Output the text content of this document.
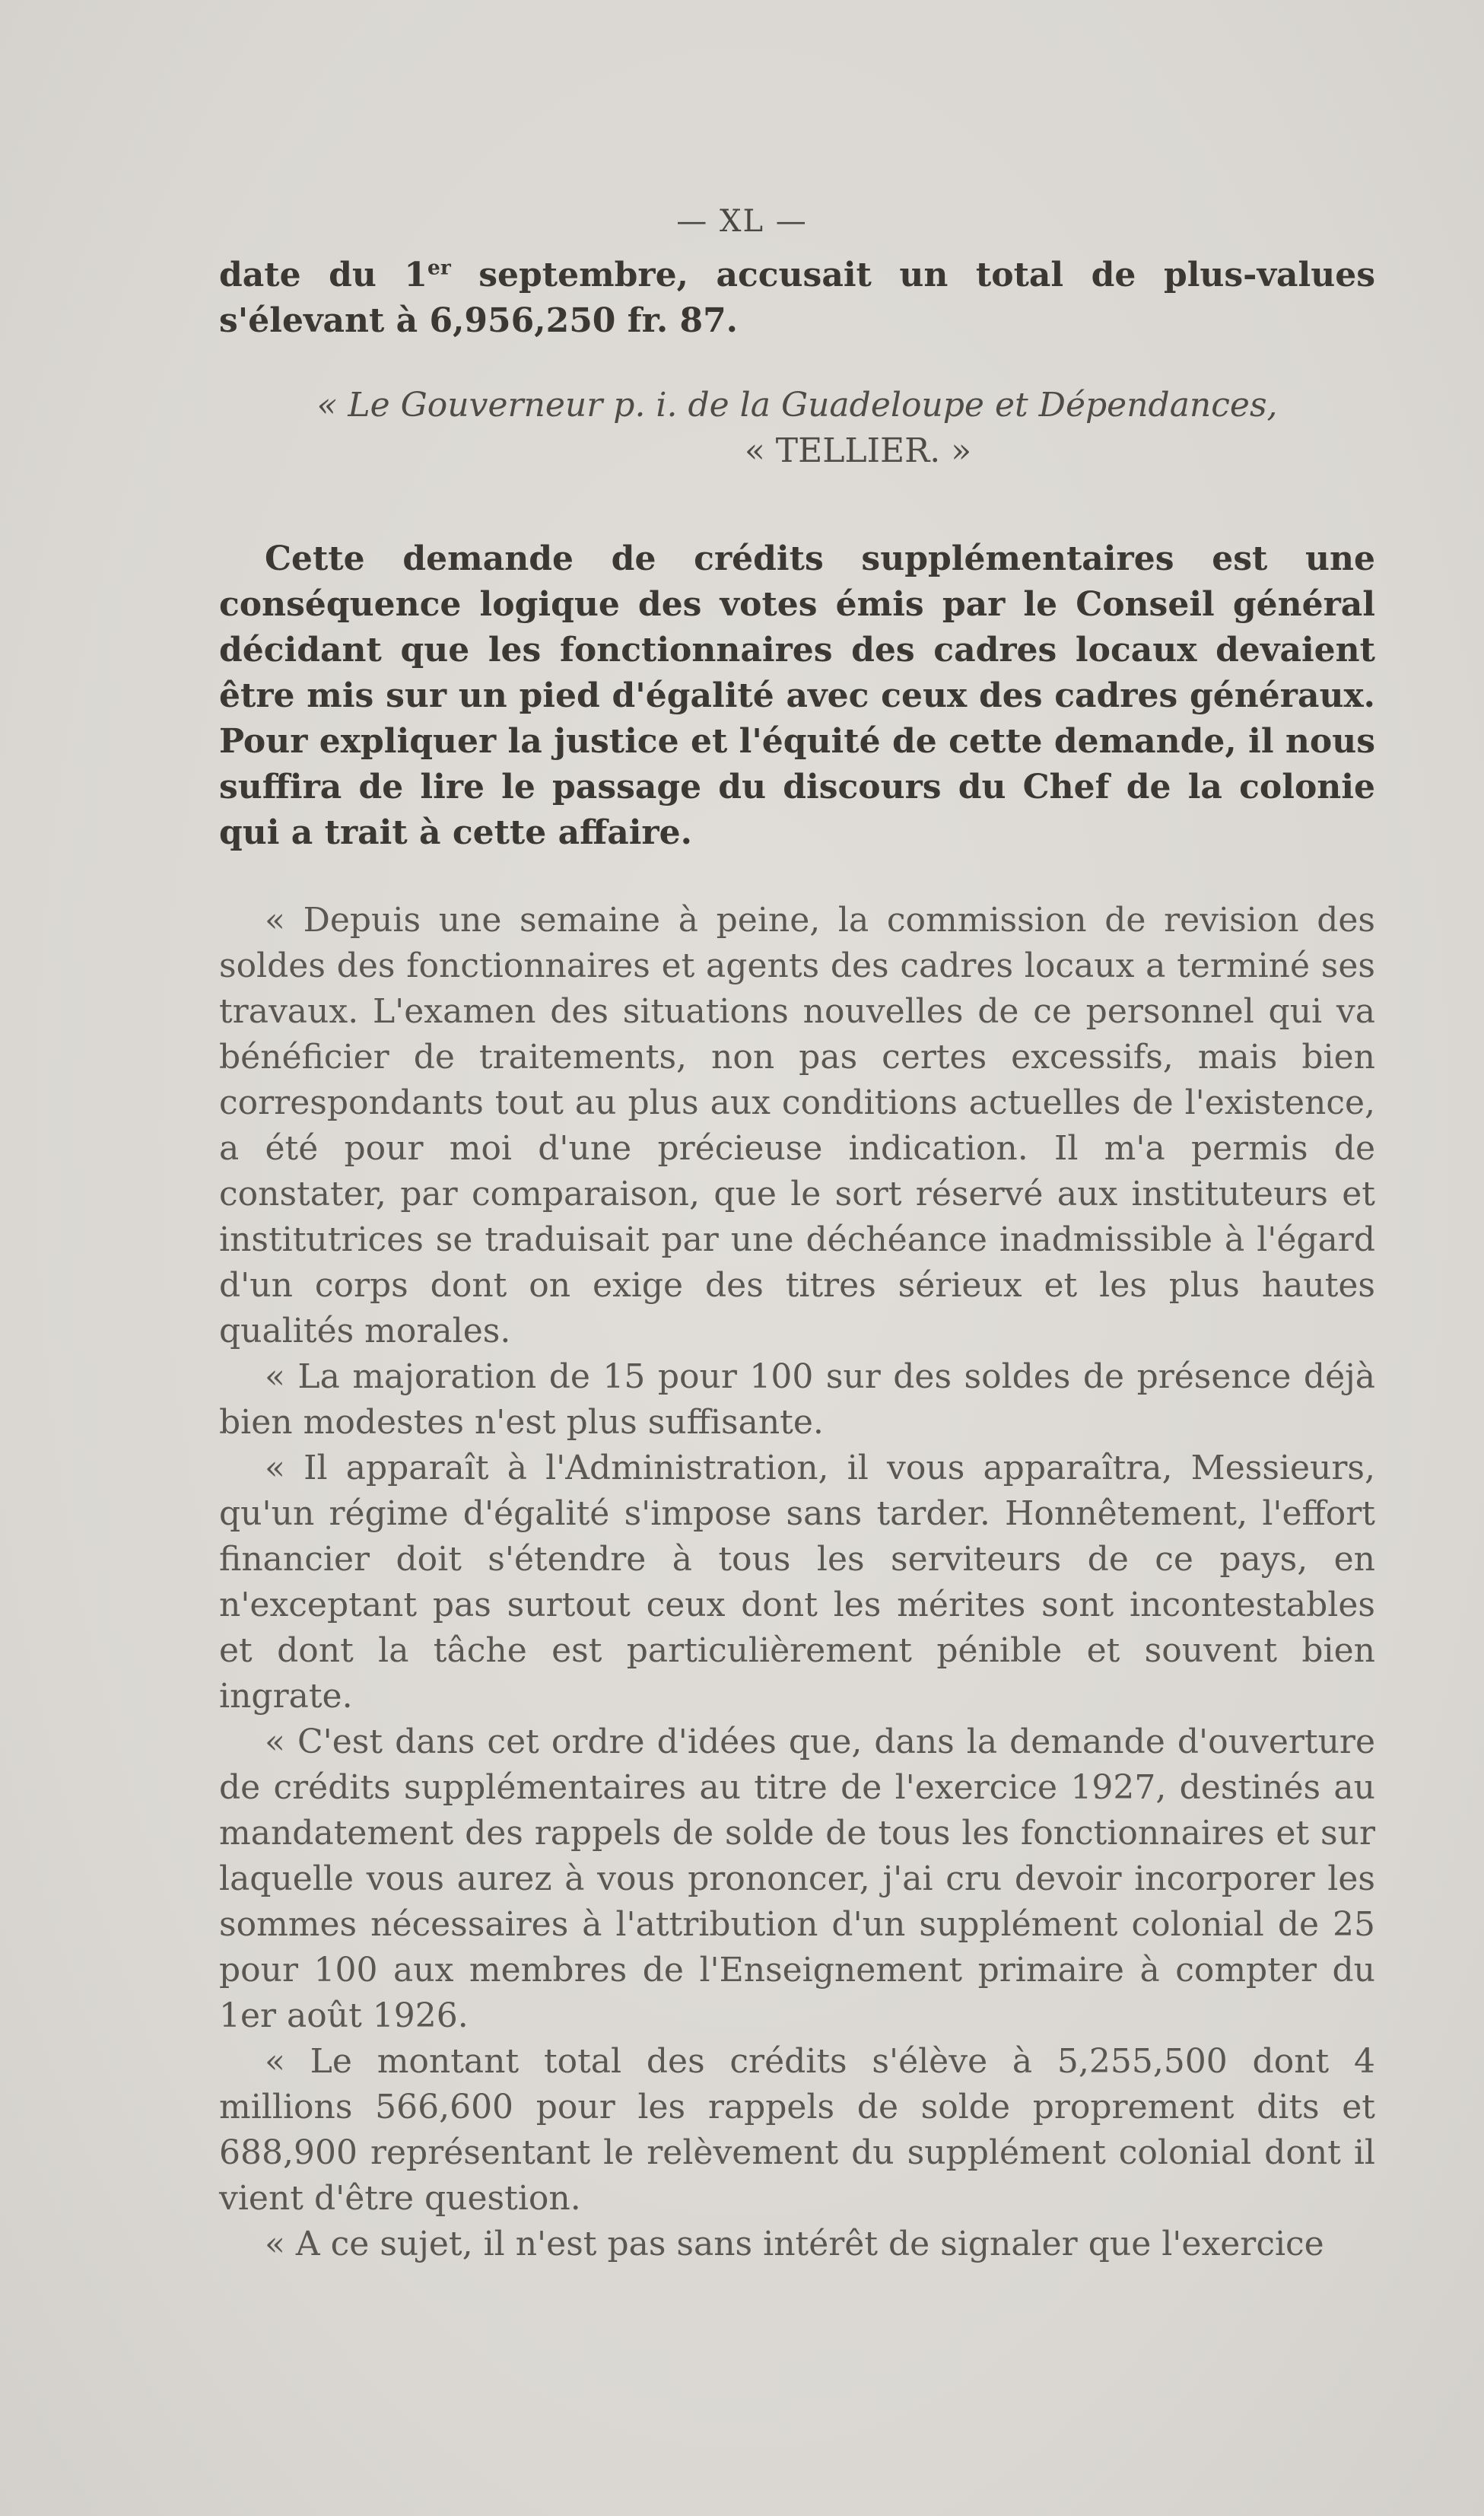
— XL —

date du 1er septembre, accusait un total de plus-values s'élevant à 6,956,250 fr. 87.

« Le Gouverneur p. i. de la Guadeloupe et Dépendances,

« TELLIER. »

Cette demande de crédits supplémentaires est une conséquence logique des votes émis par le Conseil général décidant que les fonctionnaires des cadres locaux devaient être mis sur un pied d'égalité avec ceux des cadres généraux. Pour expliquer la justice et l'équité de cette demande, il nous suffira de lire le passage du discours du Chef de la colonie qui a trait à cette affaire.

« Depuis une semaine à peine, la commission de revision des soldes des fonctionnaires et agents des cadres locaux a terminé ses travaux. L'examen des situations nouvelles de ce personnel qui va bénéficier de traitements, non pas certes excessifs, mais bien correspondants tout au plus aux conditions actuelles de l'existence, a été pour moi d'une précieuse indication. Il m'a permis de constater, par comparaison, que le sort réservé aux instituteurs et institutrices se traduisait par une déchéance inadmissible à l'égard d'un corps dont on exige des titres sérieux et les plus hautes qualités morales.

« La majoration de 15 pour 100 sur des soldes de présence déjà bien modestes n'est plus suffisante.

« Il apparaît à l'Administration, il vous apparaîtra, Messieurs, qu'un régime d'égalité s'impose sans tarder. Honnêtement, l'effort financier doit s'étendre à tous les serviteurs de ce pays, en n'exceptant pas surtout ceux dont les mérites sont incontestables et dont la tâche est particulièrement pénible et souvent bien ingrate.

« C'est dans cet ordre d'idées que, dans la demande d'ouverture de crédits supplémentaires au titre de l'exercice 1927, destinés au mandatement des rappels de solde de tous les fonctionnaires et sur laquelle vous aurez à vous prononcer, j'ai cru devoir incorporer les sommes nécessaires à l'attribution d'un supplément colonial de 25 pour 100 aux membres de l'Enseignement primaire à compter du 1er août 1926.

« Le montant total des crédits s'élève à 5,255,500 dont 4 millions 566,600 pour les rappels de solde proprement dits et 688,900 représentant le relèvement du supplément colonial dont il vient d'être question.

« A ce sujet, il n'est pas sans intérêt de signaler que l'exercice
